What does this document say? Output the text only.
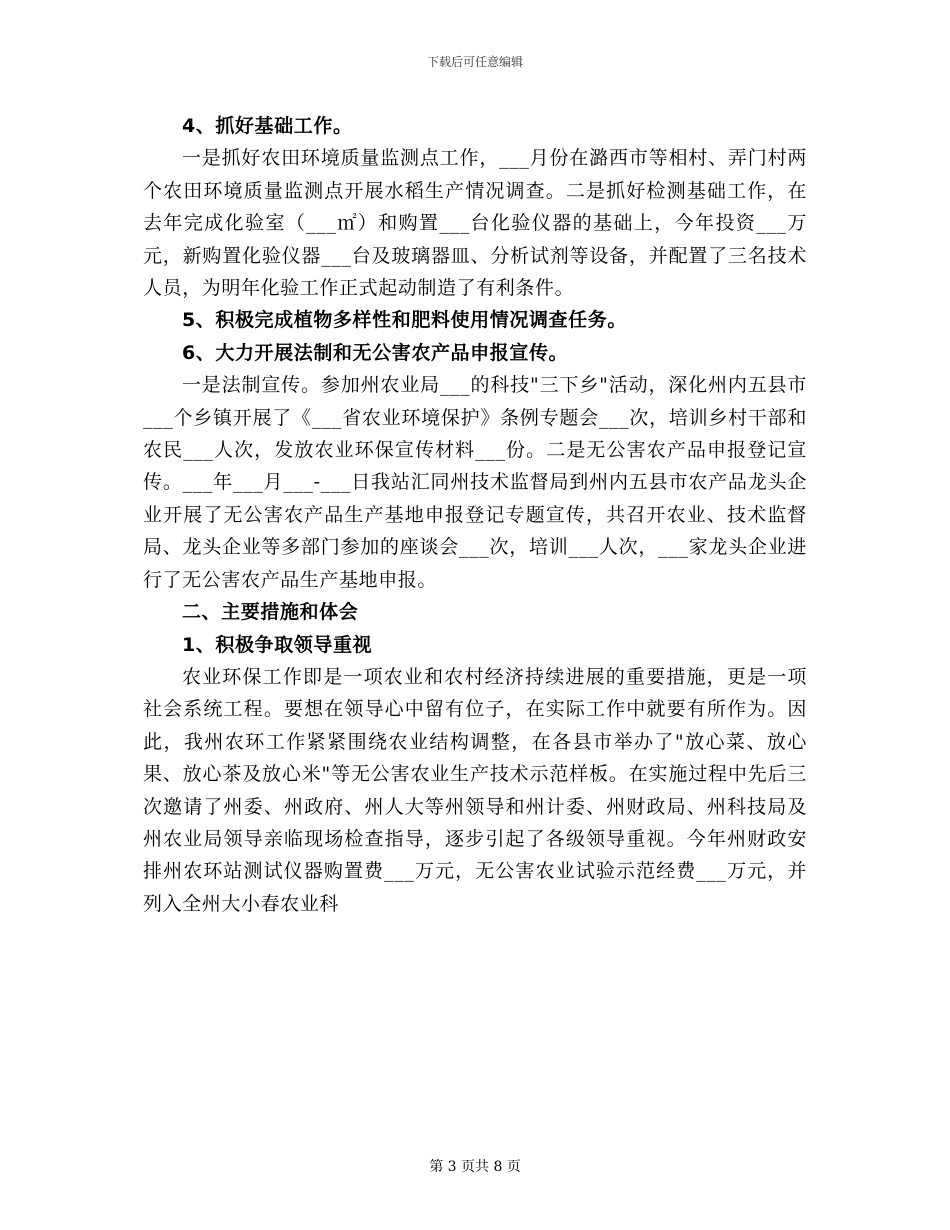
下载后可任意编辑

4、抓好基础工作。

一是抓好农田环境质量监测点工作，___月份在潞西市等相村、弄门村两个农田环境质量监测点开展水稻生产情况调查。二是抓好检测基础工作，在去年完成化验室（___㎡）和购置___台化验仪器的基础上，今年投资___万元，新购置化验仪器___台及玻璃器皿、分析试剂等设备，并配置了三名技术人员，为明年化验工作正式起动制造了有利条件。

5、积极完成植物多样性和肥料使用情况调查任务。

6、大力开展法制和无公害农产品申报宣传。

一是法制宣传。参加州农业局___的科技"三下乡"活动，深化州内五县市___个乡镇开展了《___省农业环境保护》条例专题会___次，培训乡村干部和农民___人次，发放农业环保宣传材料___份。二是无公害农产品申报登记宣传。___年___月___-___日我站汇同州技术监督局到州内五县市农产品龙头企业开展了无公害农产品生产基地申报登记专题宣传，共召开农业、技术监督局、龙头企业等多部门参加的座谈会___次，培训___人次，___家龙头企业进行了无公害农产品生产基地申报。

二、主要措施和体会

1、积极争取领导重视

农业环保工作即是一项农业和农村经济持续进展的重要措施，更是一项社会系统工程。要想在领导心中留有位子，在实际工作中就要有所作为。因此，我州农环工作紧紧围绕农业结构调整，在各县市举办了"放心菜、放心果、放心茶及放心米"等无公害农业生产技术示范样板。在实施过程中先后三次邀请了州委、州政府、州人大等州领导和州计委、州财政局、州科技局及州农业局领导亲临现场检查指导，逐步引起了各级领导重视。今年州财政安排州农环站测试仪器购置费___万元，无公害农业试验示范经费___万元，并列入全州大小春农业科

第 3 页共 8 页
